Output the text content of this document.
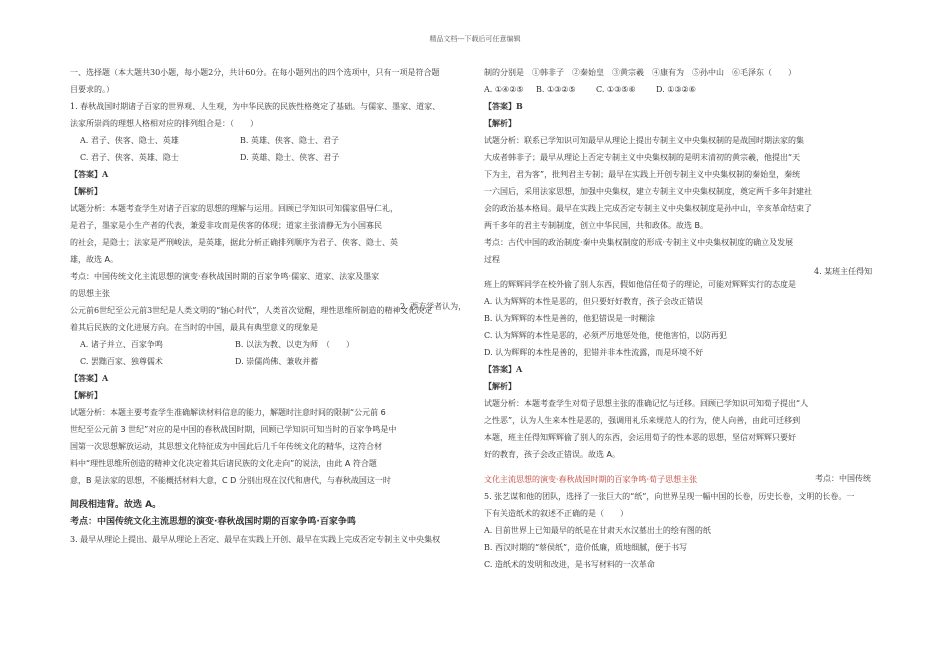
精品文档---下载后可任意编辑
一、选择题（本大题共30小题，每小题2分，共计60分。在每小题列出的四个选项中，只有一项是符合题
目要求的。）
1. 春秋战国时期诸子百家的世界观、人生观，为中华民族的民族性格奠定了基础。与儒家、墨家、道家、
法家所崇尚的理想人格相对应的排列组合是：（　　）
A. 君子、侠客、隐士、英雄	B. 英雄、侠客、隐士、君子
C. 君子、侠客、英雄、隐士	D. 英雄、隐士、侠客、君子
【答案】A
【解析】
试题分析：本题考查学生对诸子百家的思想的理解与运用。回顾已学知识可知儒家倡导仁礼，
是君子，墨家是小生产者的代表，兼爱非攻而是侠客的体现；道家主张清静无为小国寡民
的社会，是隐士；法家是严刑峻法，是英雄，据此分析正确排列顺序为君子、侠客、隐士、英
雄，故选 A。
考点：中国传统文化主流思想的演变·春秋战国时期的百家争鸣·儒家、道家、法家及墨家
的思想主张
公元前6世纪至公元前3世纪是人类文明的“轴心时代”，人类首次觉醒，理性思维所制造的精神文化决定
着其后民族的文化进展方向。在当时的中国，最具有典型意义的现象是
A. 诸子并立、百家争鸣	B. 以法为教、以吏为师　（　　）
C. 罢黜百家、独尊儒术	D. 崇儒尚佛、兼收并蓄
【答案】A
【解析】
试题分析：本题主要考查学生准确解读材料信息的能力，解题时注意时间的限制“公元前 6
世纪至公元前 3 世纪”对应的是中国的春秋战国时期，回顾已学知识可知当时的百家争鸣是中
国第一次思想解放运动，其思想文化特征成为中国此后几千年传统文化的精华，这符合材
料中“理性思维所创造的精神文化决定着其后诸民族的文化走向”的说法，由此 A 符合题
意，B 是法家的思想，不能概括材料大意，C D 分别出现在汉代和唐代，与春秋战国这一时
间段相违背。故选 A。
考点：中国传统文化主流思想的演变·春秋战国时期的百家争鸣·百家争鸣
3. 最早从理论上提出、最早从理论上否定、最早在实践上开创、最早在实践上完成否定专制主义中央集权
2. 西方学者认为，
制的分别是　①韩非子　②秦始皇　③黄宗羲　④康有为　⑤孙中山　⑥毛泽东（　　）
A. ①④②⑤	B. ①③②⑤	C. ①③⑤⑥	D. ①③②⑥
【答案】B
【解析】
试题分析：联系已学知识可知最早从理论上提出专制主义中央集权制的是战国时期法家的集
大成者韩非子；最早从理论上否定专制主义中央集权制的是明末清初的黄宗羲，他提出“天
下为主，君为客”，批判君主专制；最早在实践上开创专制主义中央集权制的秦始皇，秦统
一六国后，采用法家思想，加强中央集权，建立专制主义中央集权制度，奠定两千多年封建社
会的政治基本格局。最早在实践上完成否定专制主义中央集权制度是孙中山，辛亥革命结束了
两千多年的君主专制制度，创立中华民国，共和政体。故选 B。
考点：古代中国的政治制度·秦中央集权制度的形成·专制主义中央集权制度的确立及发展
过程
班上的辉辉同学在校外偷了别人东西，假如他信任荀子的理论，可能对辉辉实行的态度是
A. 认为辉辉的本性是恶的，但只要好好教育，孩子会改正错误
B. 认为辉辉的本性是善的，他犯错误是一时糊涂
C. 认为辉辉的本性是恶的，必须严厉地惩处他，使他害怕，以防再犯
D. 认为辉辉的本性是善的，犯错并非本性流露，而是环境不好
【答案】A
【解析】
试题分析：本题考查学生对荀子思想主张的准确记忆与迁移。回顾已学知识可知荀子提出“人
之性恶”，认为人生来本性是恶的，强调用礼乐来规范人的行为，使人向善，由此可迁移到
本题，班主任得知辉辉偷了别人的东西，会运用荀子的性本恶的思想，坚信对辉辉只要好
好的教育，孩子会改正错误。故选 A。
文化主流思想的演变·春秋战国时期的百家争鸣·荀子思想主张
5. 张艺谋和他的团队，选择了一张巨大的“纸”，向世界呈现一幅中国的长卷，历史长卷，文明的长卷。一
下有关造纸术的叙述不正确的是（　　）
A. 目前世界上已知最早的纸是在甘肃天水汉墓出土的绘有图的纸
B. 西汉时期的“蔡侯纸”，造价低廉，质地细腻，便于书写
C. 造纸术的发明和改进，是书写材料的一次革命
4. 某班主任得知
考点：中国传统
